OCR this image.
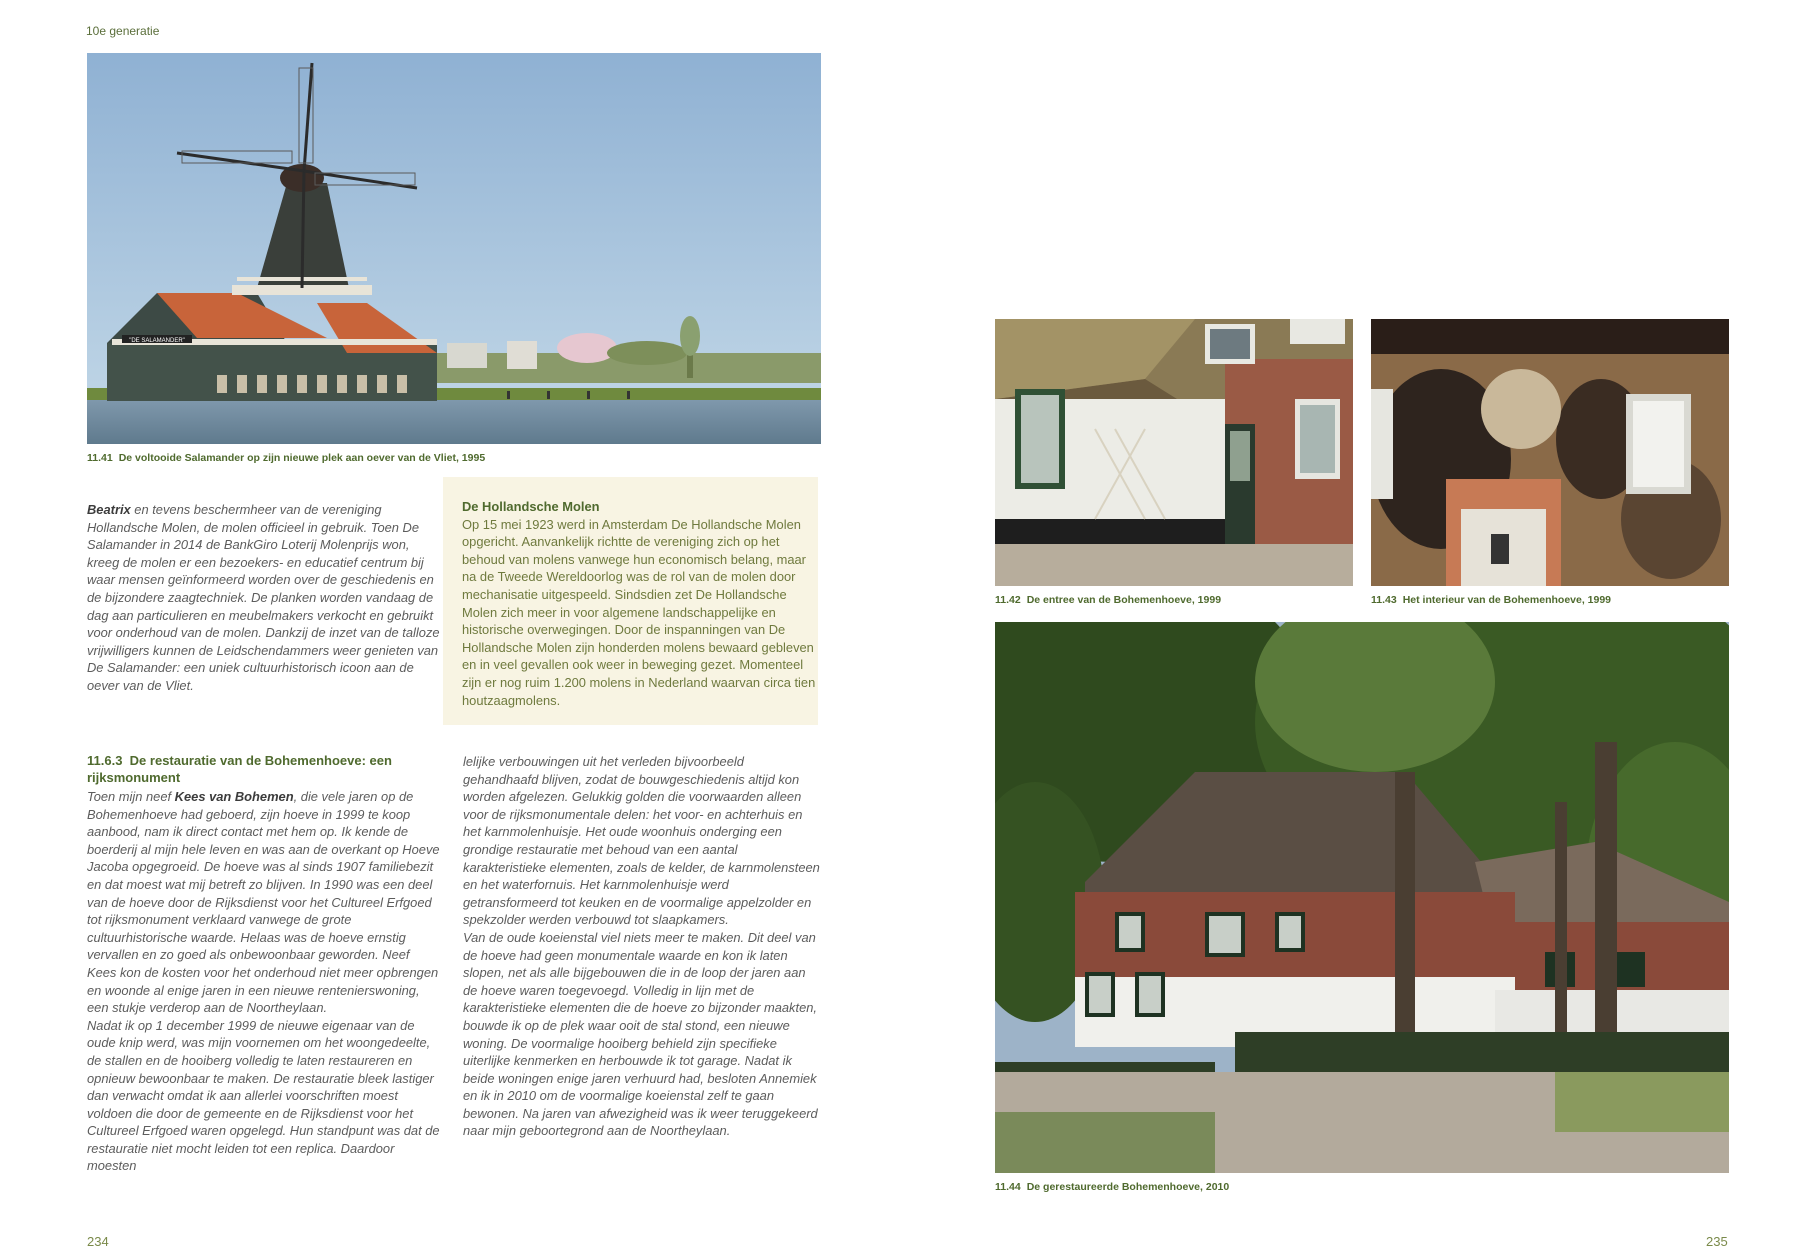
10e generatie
"DE SALAMANDER"
11.41 De voltooide Salamander op zijn nieuwe plek aan oever van de Vliet, 1995

Beatrix en tevens beschermheer van de vereniging Hollandsche Molen, de molen officieel in gebruik. Toen De Salamander in 2014 de BankGiro Loterij Molenprijs won, kreeg de molen er een bezoekers- en educatief centrum bij waar mensen geïnformeerd worden over de geschiedenis en de bijzondere zaagtechniek. De planken worden vandaag de dag aan particulieren en meubelmakers verkocht en gebruikt voor onderhoud van de molen. Dankzij de inzet van de talloze vrijwilligers kunnen de Leidschendammers weer genieten van De Salamander: een uniek cultuurhistorisch icoon aan de oever van de Vliet.

De Hollandsche Molen
Op 15 mei 1923 werd in Amsterdam De Hollandsche Molen opgericht. Aanvankelijk richtte de vereniging zich op het behoud van molens vanwege hun economisch belang, maar na de Tweede Wereldoorlog was de rol van de molen door mechanisatie uitgespeeld. Sindsdien zet De Hollandsche Molen zich meer in voor algemene landschappelijke en historische overwegingen. Door de inspanningen van De Hollandsche Molen zijn honderden molens bewaard gebleven en in veel gevallen ook weer in beweging gezet. Momenteel zijn er nog ruim 1.200 molens in Nederland waarvan circa tien houtzaagmolens.
11.6.3 De restauratie van de Bohemenhoeve: een rijksmonument

Toen mijn neef Kees van Bohemen, die vele jaren op de Bohemenhoeve had geboerd, zijn hoeve in 1999 te koop aanbood, nam ik direct contact met hem op. Ik kende de boerderij al mijn hele leven en was aan de overkant op Hoeve Jacoba opgegroeid. De hoeve was al sinds 1907 familiebezit en dat moest wat mij betreft zo blijven. In 1990 was een deel van de hoeve door de Rijksdienst voor het Cultureel Erfgoed tot rijksmonument verklaard vanwege de grote cultuurhistorische waarde. Helaas was de hoeve ernstig vervallen en zo goed als onbewoonbaar geworden. Neef Kees kon de kosten voor het onderhoud niet meer opbrengen en woonde al enige jaren in een nieuwe rentenierswoning, een stukje verderop aan de Noortheylaan.

Nadat ik op 1 december 1999 de nieuwe eigenaar van de oude knip werd, was mijn voornemen om het woongedeelte, de stallen en de hooiberg volledig te laten restaureren en opnieuw bewoonbaar te maken. De restauratie bleek lastiger dan verwacht omdat ik aan allerlei voorschriften moest voldoen die door de gemeente en de Rijksdienst voor het Cultureel Erfgoed waren opgelegd. Hun standpunt was dat de restauratie niet mocht leiden tot een replica. Daardoor moesten

lelijke verbouwingen uit het verleden bijvoorbeeld gehandhaafd blijven, zodat de bouwgeschiedenis altijd kon worden afgelezen. Gelukkig golden die voorwaarden alleen voor de rijksmonumentale delen: het voor- en achterhuis en het karnmolenhuisje. Het oude woonhuis onderging een grondige restauratie met behoud van een aantal karakteristieke elementen, zoals de kelder, de karnmolensteen en het waterfornuis. Het karnmolenhuisje werd getransformeerd tot keuken en de voormalige appelzolder en spekzolder werden verbouwd tot slaapkamers.

Van de oude koeienstal viel niets meer te maken. Dit deel van de hoeve had geen monumentale waarde en kon ik laten slopen, net als alle bijgebouwen die in de loop der jaren aan de hoeve waren toegevoegd. Volledig in lijn met de karakteristieke elementen die de hoeve zo bijzonder maakten, bouwde ik op de plek waar ooit de stal stond, een nieuwe woning. De voormalige hooiberg behield zijn specifieke uiterlijke kenmerken en herbouwde ik tot garage. Nadat ik beide woningen enige jaren verhuurd had, besloten Annemiek en ik in 2010 om de voormalige koeienstal zelf te gaan bewonen. Na jaren van afwezigheid was ik weer teruggekeerd naar mijn geboortegrond aan de Noortheylaan.

234
11.42 De entree van de Bohemenhoeve, 1999	11.43 Het interieur van de Bohemenhoeve, 1999
11.44 De gerestaureerde Bohemenhoeve, 2010
235
